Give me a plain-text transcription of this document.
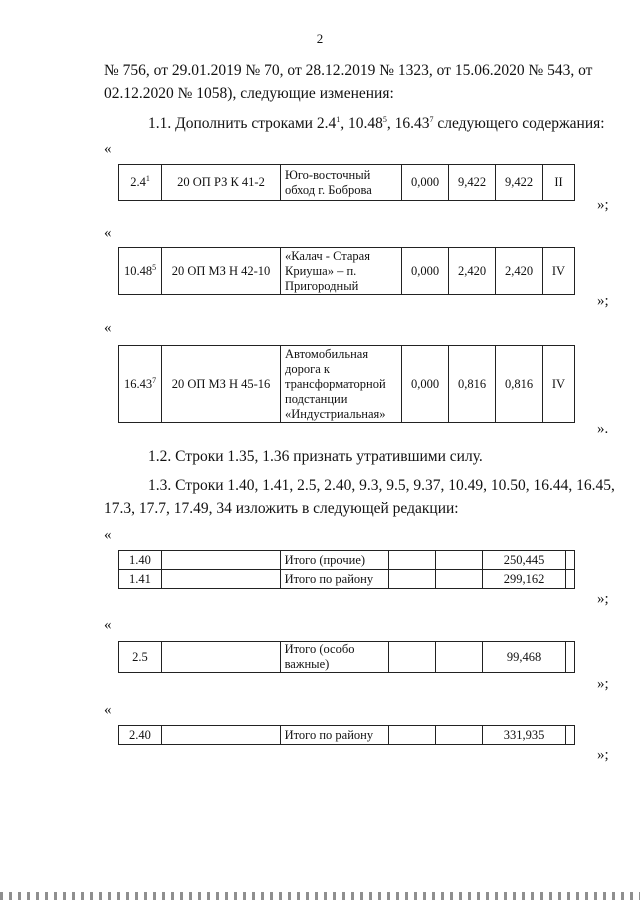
2
№ 756, от 29.01.2019 № 70, от 28.12.2019 № 1323, от 15.06.2020 № 543, от
02.12.2020 № 1058), следующие изменения:
1.1. Дополнить строками $2.4^1$, 10.48$^5$, 16.43$^7$ следующего содержания:
«
$2.4^1$	20 ОП РЗ К 41-2	Юго-восточный
обход г. Боброва	0,000	9,422	9,422	II
»;
«
10.48$^5$	20 ОП МЗ Н 42-10	«Калач - Старая
Криуша» – п.
Пригородный	0,000	2,420	2,420	IV
»;
«
16.43$^7$	20 ОП МЗ Н 45-16	Автомобильная
дорога к
трансформаторной
подстанции
«Индустриальная»	0,000	0,816	0,816	IV
».
1.2. Строки 1.35, 1.36 признать утратившими силу.
1.3. Строки 1.40, 1.41, 2.5, 2.40, 9.3, 9.5, 9.37, 10.49, 10.50, 16.44, 16.45,
17.3, 17.7, 17.49, 34 изложить в следующей редакции:
«
1.40		Итого (прочие)			250,445	
1.41		Итого по району			299,162	
»;
«
2.5		Итого (особо
важные)			99,468	
»;
«
2.40		Итого по району			331,935	
»;
